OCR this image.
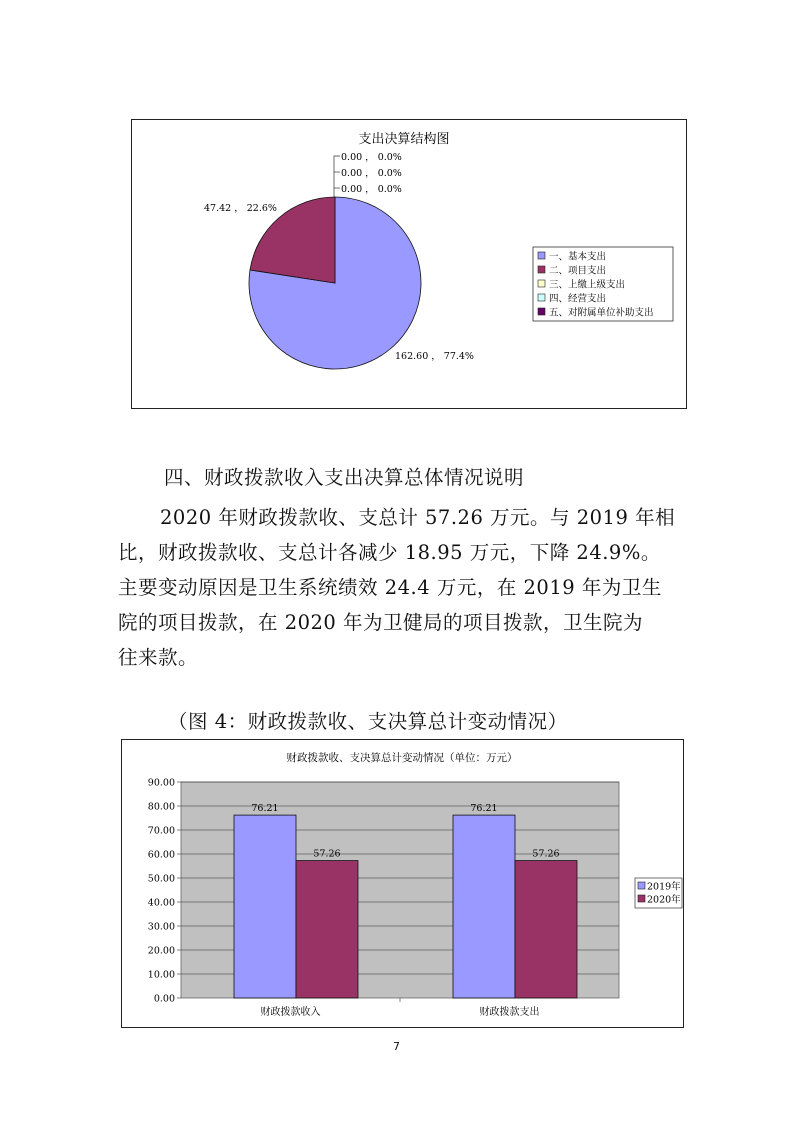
支出决算结构图
162.60 ， 77.4%
47.42 ， 22.6%
0.00 ， 0.0%
0.00 ， 0.0%
0.00 ， 0.0%
一、基本支出
二、项目支出
三、上缴上级支出
四、经营支出
五、对附属单位补助支出
四、财政拨款收入支出决算总体情况说明
2020 年财政拨款收、支总计 57.26 万元。与 2019 年相
比，财政拨款收、支总计各减少 18.95 万元，下降 24.9%。
主要变动原因是卫生系统绩效 24.4 万元，在 2019 年为卫生
院的项目拨款，在 2020 年为卫健局的项目拨款，卫生院为
往来款。
（图 4：财政拨款收、支决算总计变动情况）
财政拨款收、支决算总计变动情况（单位：万元）
0.00
10.00
20.00
30.00
40.00
50.00
60.00
70.00
80.00
90.00
76.21
57.26
财政拨款收入
76.21
57.26
财政拨款支出
2019年
2020年
7
